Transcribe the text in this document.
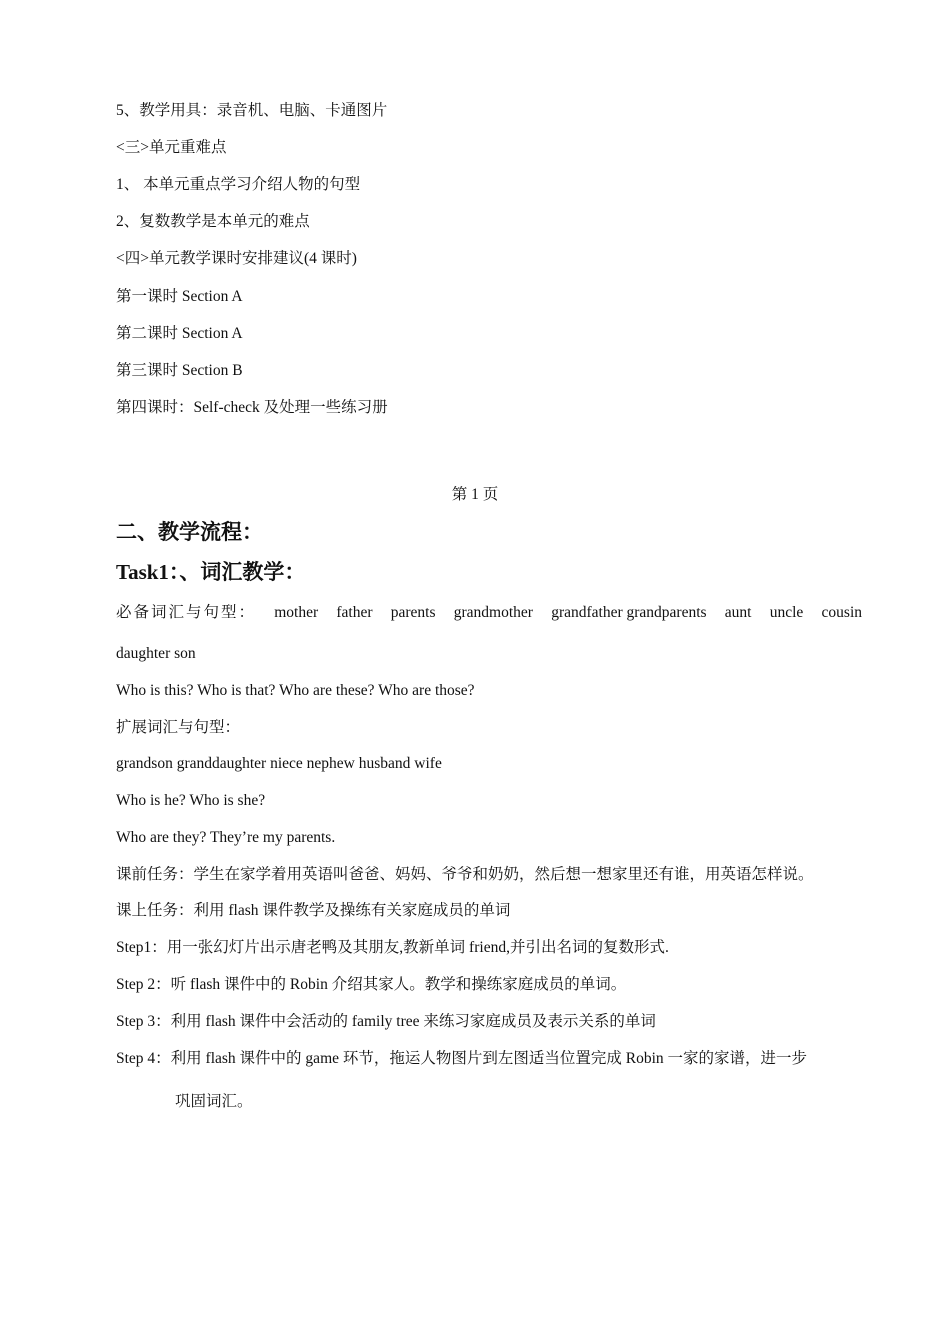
5、教学用具：录音机、电脑、卡通图片
<三>单元重难点
1、 本单元重点学习介绍人物的句型
2、复数教学是本单元的难点
<四>单元教学课时安排建议(4 课时)
第一课时 Section A
第二课时 Section A
第三课时 Section B
第四课时：Self-check 及处理一些练习册
第 1 页
二、教学流程：
Task1：、词汇教学：
必备词汇与句型： mother father parents grandmother grandfather grandparents aunt uncle cousin
daughter son
Who is this? Who is that? Who are these? Who are those?
扩展词汇与句型：
grandson granddaughter niece nephew husband wife
Who is he? Who is she?
Who are they? They’re my parents.
课前任务：学生在家学着用英语叫爸爸、妈妈、爷爷和奶奶，然后想一想家里还有谁，用英语怎样说。
课上任务：利用 flash 课件教学及操练有关家庭成员的单词
Step1：用一张幻灯片出示唐老鸭及其朋友,教新单词 friend,并引出名词的复数形式.
Step 2：听 flash 课件中的 Robin 介绍其家人。教学和操练家庭成员的单词。
Step 3：利用 flash 课件中会活动的 family tree 来练习家庭成员及表示关系的单词
Step 4：利用 flash 课件中的 game 环节，拖运人物图片到左图适当位置完成 Robin 一家的家谱，进一步
巩固词汇。
